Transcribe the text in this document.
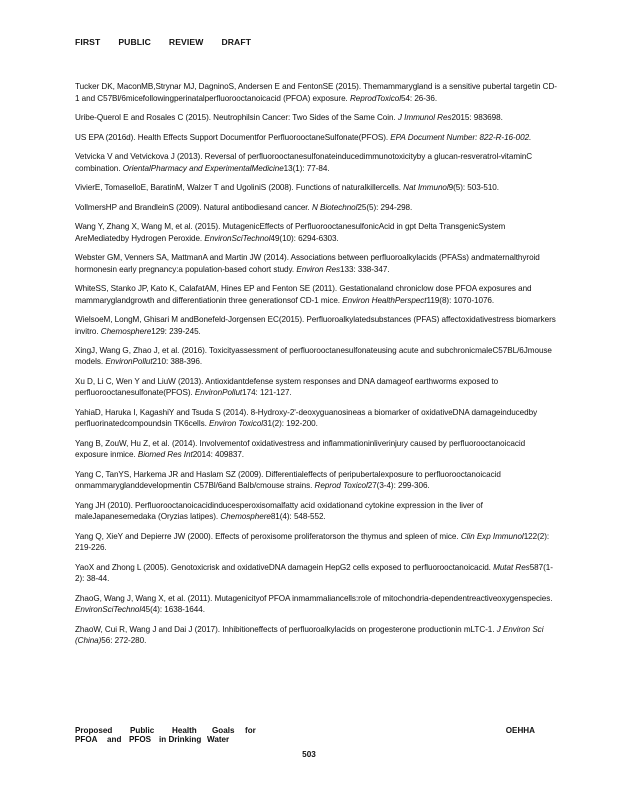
FIRST PUBLIC REVIEW DRAFT

Tucker DK, MaconMB,Strynar MJ, DagninoS, Andersen E and FentonSE (2015). Themammarygland is a sensitive pubertal targetin CD-1 and C57Bl/6micefollowingperinatalperfluorooctanoicacid (PFOA) exposure. ReprodToxicol54: 26-36.

Uribe-Querol E and Rosales C (2015). Neutrophilsin Cancer: Two Sides of the Same Coin. J Immunol Res2015: 983698.

US EPA (2016d). Health Effects Support Documentfor PerfluorooctaneSulfonate(PFOS). EPA Document Number: 822-R-16-002.

Vetvicka V and Vetvickova J (2013). Reversal of perfluorooctanesulfonateinducedimmunotoxicityby a glucan-resveratrol-vitaminC combination. OrientalPharmacy and ExperimentalMedicine13(1): 77-84.

VivierE, TomaselloE, BaratinM, Walzer T and UgoliniS (2008). Functions of naturalkillercells. Nat Immunol9(5): 503-510.

VollmersHP and BrandleinS (2009). Natural antibodiesand cancer. N Biotechnol25(5): 294-298.

Wang Y, Zhang X, Wang M, et al. (2015). MutagenicEffects of PerfluorooctanesulfonicAcid in gpt Delta TransgenicSystem AreMediatedby Hydrogen Peroxide. EnvironSciTechnol49(10): 6294-6303.

Webster GM, Venners SA, MattmanA and Martin JW (2014). Associations between perfluoroalkylacids (PFASs) andmaternalthyroid hormonesin early pregnancy:a population-based cohort study. Environ Res133: 338-347.

WhiteSS, Stanko JP, Kato K, CalafatAM, Hines EP and Fenton SE (2011). Gestationaland chroniclow dose PFOA exposures and mammaryglandgrowth and differentiationin three generationsof CD-1 mice. Environ HealthPerspect119(8): 1070-1076.

WielsoeM, LongM, Ghisari M andBonefeld-Jorgensen EC(2015). Perfluoroalkylatedsubstances (PFAS) affectoxidativestress biomarkers invitro. Chemosphere129: 239-245.

XingJ, Wang G, Zhao J, et al. (2016). Toxicityassessment of perfluorooctanesulfonateusing acute and subchronicmaleC57BL/6Jmouse models. EnvironPollut210: 388-396.

Xu D, Li C, Wen Y and LiuW (2013). Antioxidantdefense system responses and DNA damageof earthworms exposed to perfluorooctanesulfonate(PFOS). EnvironPollut174: 121-127.

YahiaD, Haruka I, KagashiY and Tsuda S (2014). 8-Hydroxy-2'-deoxyguanosineas a biomarker of oxidativeDNA damageinducedby perfluorinatedcompoundsin TK6cells. Environ Toxicol31(2): 192-200.

Yang B, ZouW, Hu Z, et al. (2014). Involvementof oxidativestress and inflammationinliverinjury caused by perfluorooctanoicacid exposure inmice. Biomed Res Int2014: 409837.

Yang C, TanYS, Harkema JR and Haslam SZ (2009). Differentialeffects of peripubertalexposure to perfluorooctanoicacid onmammaryglanddevelopmentin C57Bl/6and Balb/cmouse strains. Reprod Toxicol27(3-4): 299-306.

Yang JH (2010). Perfluorooctanoicacidinducesperoxisomalfatty acid oxidationand cytokine expression in the liver of maleJapanesemedaka (Oryzias latipes). Chemosphere81(4): 548-552.

Yang Q, XieY and Depierre JW (2000). Effects of peroxisome proliferatorson the thymus and spleen of mice. Clin Exp Immunol122(2): 219-226.

YaoX and Zhong L (2005). Genotoxicrisk and oxidativeDNA damagein HepG2 cells exposed to perfluorooctanoicacid. Mutat Res587(1-2): 38-44.

ZhaoG, Wang J, Wang X, et al. (2011). Mutagenicityof PFOA inmammaliancells:role of mitochondria-dependentreactiveoxygenspecies. EnvironSciTechnol45(4): 1638-1644.

ZhaoW, Cui R, Wang J and Dai J (2017). Inhibitioneffects of perfluoroalkylacids on progesterone productionin mLTC-1. J Environ Sci (China)56: 272-280.

Proposed	Public	Health	Goals	for
PFOA	and PFOS in Drinking Water
OEHHA
503
